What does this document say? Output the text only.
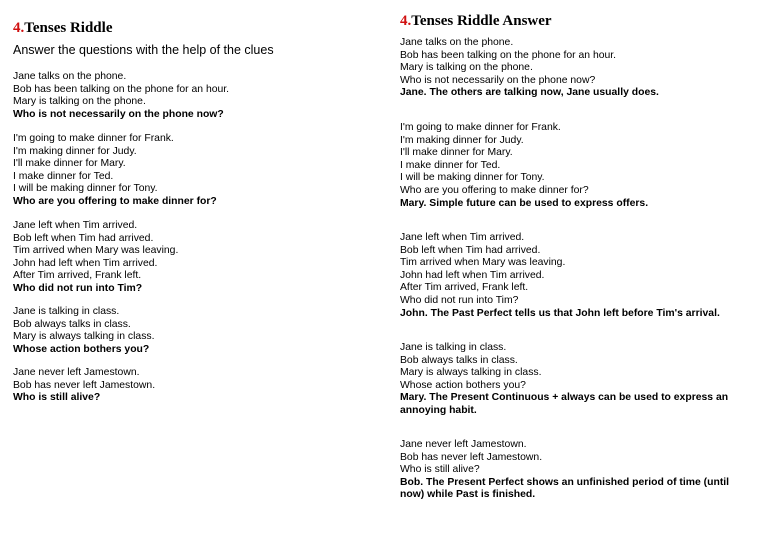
4.Tenses Riddle

Answer the questions with the help of the clues

Jane talks on the phone.
Bob has been talking on the phone for an hour.
Mary is talking on the phone.
Who is not necessarily on the phone now?
I'm going to make dinner for Frank.
I'm making dinner for Judy.
I'll make dinner for Mary.
I make dinner for Ted.
I will be making dinner for Tony.
Who are you offering to make dinner for?
Jane left when Tim arrived.
Bob left when Tim had arrived.
Tim arrived when Mary was leaving.
John had left when Tim arrived.
After Tim arrived, Frank left.
Who did not run into Tim?
Jane is talking in class.
Bob always talks in class.
Mary is always talking in class.
Whose action bothers you?
Jane never left Jamestown.
Bob has never left Jamestown.
Who is still alive?
4.Tenses Riddle Answer
Jane talks on the phone.
Bob has been talking on the phone for an hour.
Mary is talking on the phone.
Who is not necessarily on the phone now?
Jane. The others are talking now, Jane usually does.
I'm going to make dinner for Frank.
I'm making dinner for Judy.
I'll make dinner for Mary.
I make dinner for Ted.
I will be making dinner for Tony.
Who are you offering to make dinner for?
Mary. Simple future can be used to express offers.
Jane left when Tim arrived.
Bob left when Tim had arrived.
Tim arrived when Mary was leaving.
John had left when Tim arrived.
After Tim arrived, Frank left.
Who did not run into Tim?
John. The Past Perfect tells us that John left before Tim's arrival.
Jane is talking in class.
Bob always talks in class.
Mary is always talking in class.
Whose action bothers you?
Mary. The Present Continuous + always can be used to express an annoying habit.
Jane never left Jamestown.
Bob has never left Jamestown.
Who is still alive?
Bob. The Present Perfect shows an unfinished period of time (until now) while Past is finished.
